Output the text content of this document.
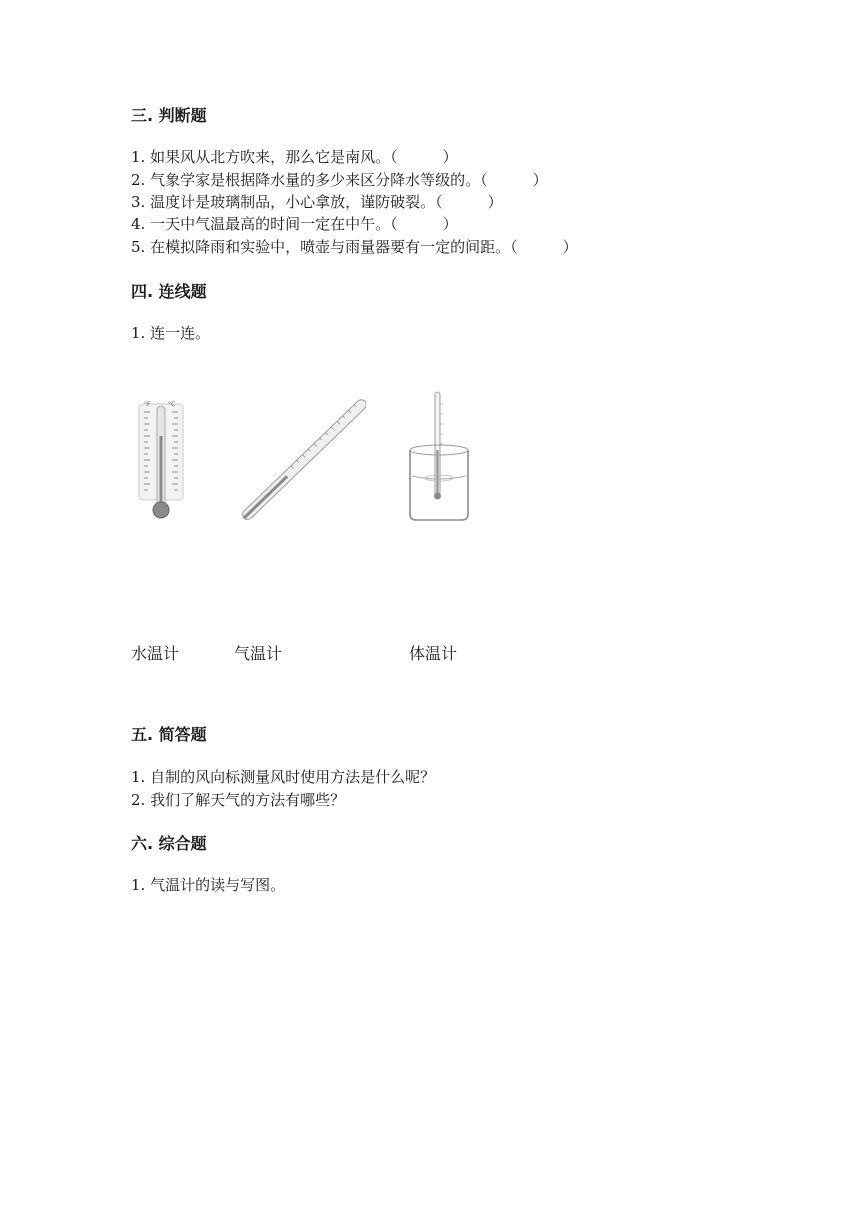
三. 判断题

1. 如果风从北方吹来，那么它是南风。（　　　）

2. 气象学家是根据降水量的多少来区分降水等级的。（　　　）

3. 温度计是玻璃制品，小心拿放，谨防破裂。（　　　）

4. 一天中气温最高的时间一定在中午。（　　　）

5. 在模拟降雨和实验中，喷壶与雨量器要有一定的间距。（　　　）

四. 连线题

1. 连一连。

°F	°C

水温计	气温计	体温计

五. 简答题

1. 自制的风向标测量风时使用方法是什么呢？

2. 我们了解天气的方法有哪些？

六. 综合题

1. 气温计的读与写图。
